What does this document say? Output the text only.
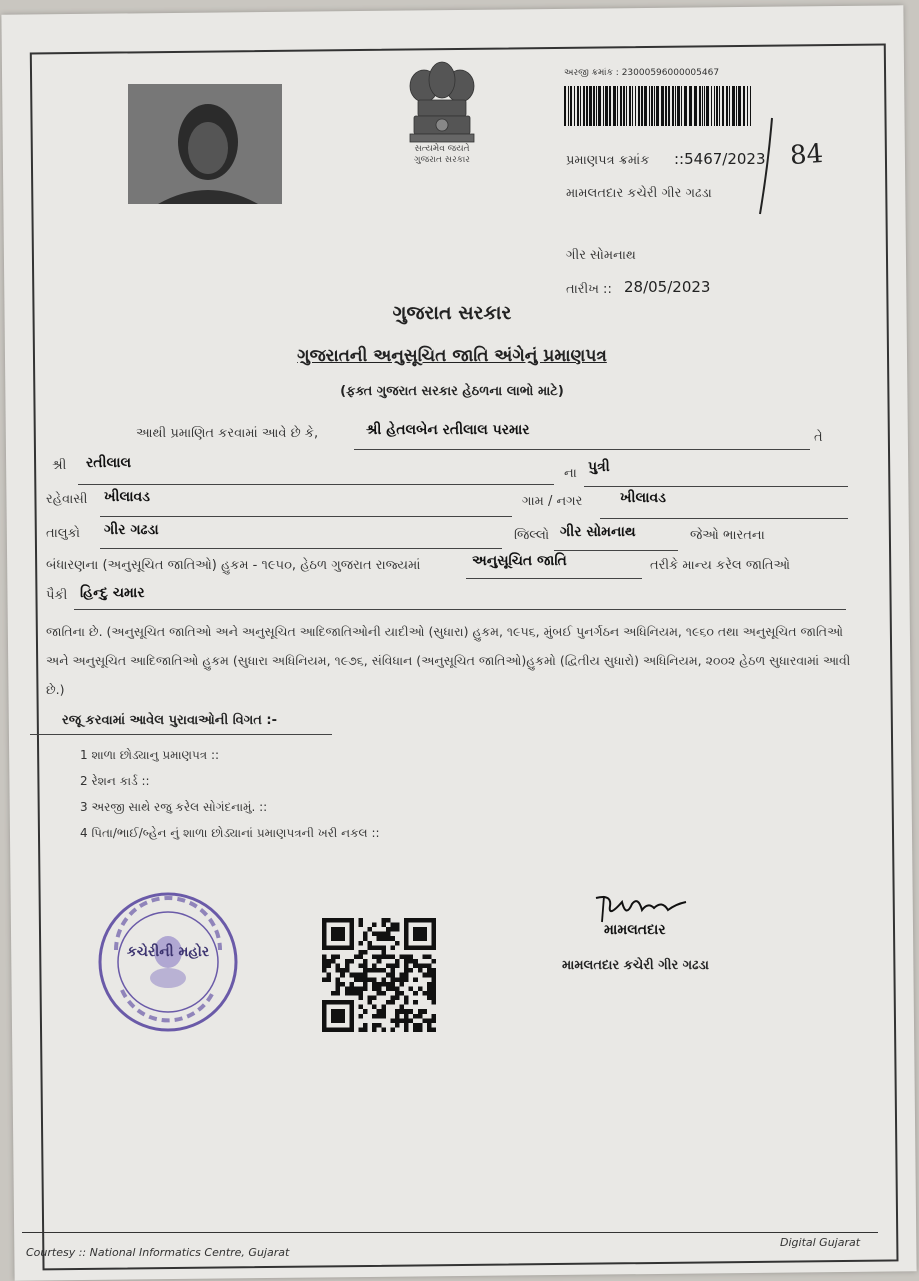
સત્યમેવ જયતે
ગુજરાત સરકાર
અરજી ક્રમાંક : 23000596000005467
પ્રમાણપત્ર ક્રમાંક ::5467/2023
મામલતદાર કચેરી ગીર ગઢડા
84
ગીર સોમનાથ
તારીખ :: 28/05/2023
ગુજરાત સરકાર
ગુજરાતની અનુસૂચિત જાતિ અંગેનું પ્રમાણપત્ર
(ફક્ત ગુજરાત સરકાર હેઠળના લાભો માટે)
આથી પ્રમાણિત કરવામાં આવે છે કે,	શ્રી હેતલબેન રતીલાલ પરમાર	તે
શ્રી રતીલાલ
ના પુત્રી
રહેવાસી ખીલાવડ	ગામ / નગર	ખીલાવડ
તાલુકો ગીર ગઢડા	જિલ્લો ગીર સોમનાથ	જેઓ ભારતના
બંધારણના (અનુસૂચિત જાતિઓ) હુકમ - ૧૯૫૦, હેઠળ ગુજરાત રાજ્યમાં	અનુસૂચિત જાતિ	તરીકે માન્ય કરેલ જાતિઓ
પૈકી હિન્દુ ચમાર
જાતિના છે. (અનુસૂચિત જાતિઓ અને અનુસૂચિત આદિજાતિઓની યાદીઓ (સુધારા) હુકમ, ૧૯૫૬, મુંબઈ પુનર્ગઠન અધિનિયમ, ૧૯૬૦ તથા અનુસૂચિત જાતિઓ અને અનુસૂચિત આદિજાતિઓ હુકમ (સુધારા અધિનિયમ, ૧૯૭૬, સંવિધાન (અનુસૂચિત જાતિઓ)હુકમો (દ્વિતીય સુધારો) અધિનિયમ, ૨૦૦૨ હેઠળ સુધારવામાં આવી છે.)
રજૂ કરવામાં આવેલ પુરાવાઓની વિગત :-
1 શાળા છોડ્યાનુ પ્રમાણપત્ર ::
2 રેશન કાર્ડ ::
3 અરજી સાથે રજુ કરેલ સોગંદનામું. ::
4 પિતા/ભાઈ/બ્હેન નું શાળા છોડ્યાનાં પ્રમાણપત્રની ખરી નકલ ::
કચેરીની મહોર
મામલતદાર
મામલતદાર કચેરી ગીર ગઢડા
Courtesy :: National Informatics Centre, Gujarat
Digital Gujarat
